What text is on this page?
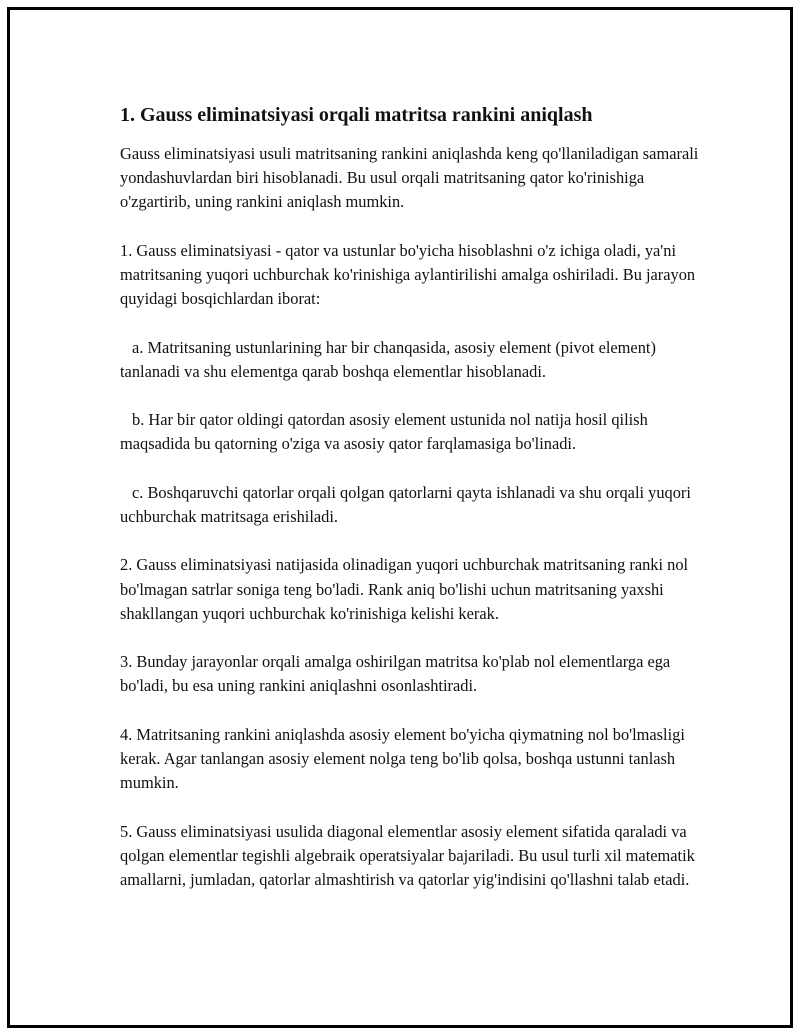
1. Gauss eliminatsiyasi orqali matritsa rankini aniqlash

Gauss eliminatsiyasi usuli matritsaning rankini aniqlashda keng qo'llaniladigan samarali yondashuvlardan biri hisoblanadi. Bu usul orqali matritsaning qator ko'rinishiga o'zgartirib, uning rankini aniqlash mumkin.

1. Gauss eliminatsiyasi - qator va ustunlar bo'yicha hisoblashni o'z ichiga oladi, ya'ni matritsaning yuqori uchburchak ko'rinishiga aylantirilishi amalga oshiriladi. Bu jarayon quyidagi bosqichlardan iborat:

a. Matritsaning ustunlarining har bir chanqasida, asosiy element (pivot element) tanlanadi va shu elementga qarab boshqa elementlar hisoblanadi.

b. Har bir qator oldingi qatordan asosiy element ustunida nol natija hosil qilish maqsadida bu qatorning o'ziga va asosiy qator farqlamasiga bo'linadi.

c. Boshqaruvchi qatorlar orqali qolgan qatorlarni qayta ishlanadi va shu orqali yuqori uchburchak matritsaga erishiladi.

2. Gauss eliminatsiyasi natijasida olinadigan yuqori uchburchak matritsaning ranki nol bo'lmagan satrlar soniga teng bo'ladi. Rank aniq bo'lishi uchun matritsaning yaxshi shakllangan yuqori uchburchak ko'rinishiga kelishi kerak.

3. Bunday jarayonlar orqali amalga oshirilgan matritsa ko'plab nol elementlarga ega bo'ladi, bu esa uning rankini aniqlashni osonlashtiradi.

4. Matritsaning rankini aniqlashda asosiy element bo'yicha qiymatning nol bo'lmasligi kerak. Agar tanlangan asosiy element nolga teng bo'lib qolsa, boshqa ustunni tanlash mumkin.

5. Gauss eliminatsiyasi usulida diagonal elementlar asosiy element sifatida qaraladi va qolgan elementlar tegishli algebraik operatsiyalar bajariladi. Bu usul turli xil matematik amallarni, jumladan, qatorlar almashtirish va qatorlar yig'indisini qo'llashni talab etadi.
